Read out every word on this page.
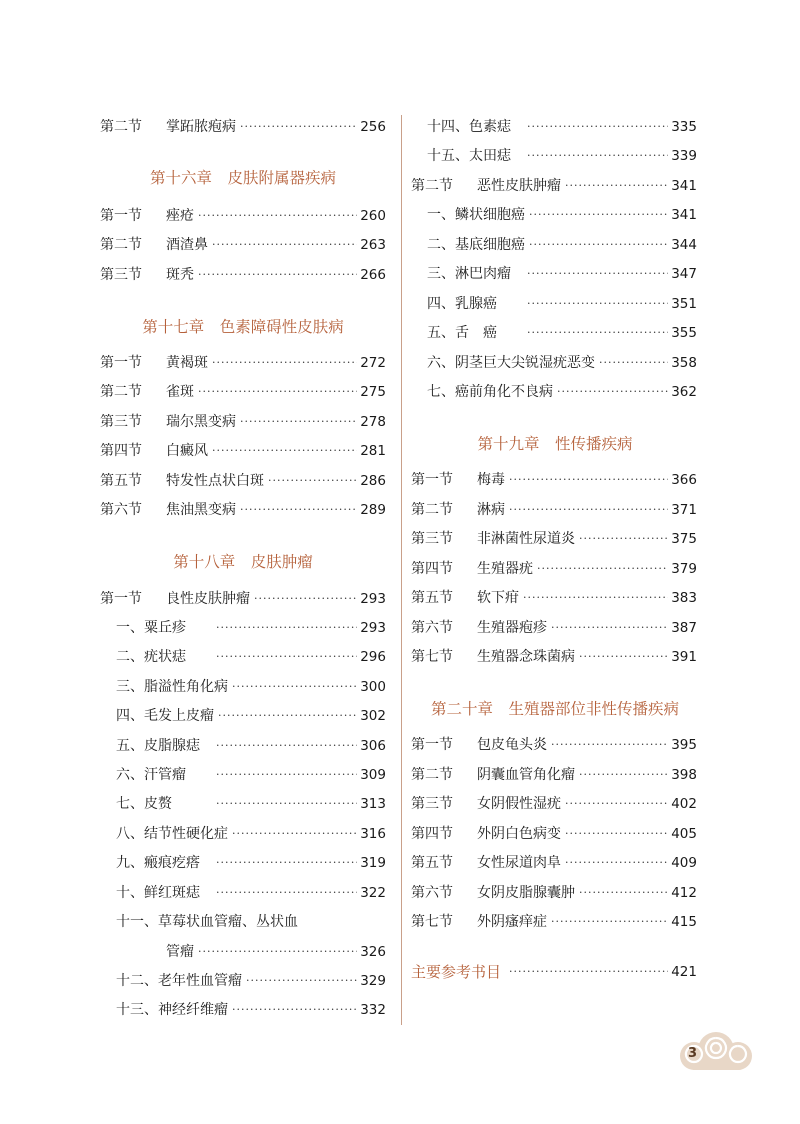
第二节	掌跖脓疱病 ·····	256
第十六章　皮肤附属器疾病
第一节	痤疮 ·····	260
第二节	酒渣鼻 ·····	263
第三节	斑秃 ·····	266
第十七章　色素障碍性皮肤病
第一节	黄褐斑 ·····	272
第二节	雀斑 ·····	275
第三节	瑞尔黑变病 ·····	278
第四节	白癜风 ·····	281
第五节	特发性点状白斑 ·····	286
第六节	焦油黑变病 ·····	289
第十八章　皮肤肿瘤
第一节	良性皮肤肿瘤 ·····	293
一、粟丘疹 ·····	293
二、疣状痣 ·····	296
三、脂溢性角化病 ·····	300
四、毛发上皮瘤 ·····	302
五、皮脂腺痣 ·····	306
六、汗管瘤 ·····	309
七、皮赘 ·····	313
八、结节性硬化症 ·····	316
九、瘢痕疙瘩 ·····	319
十、鲜红斑痣 ·····	322
十一、草莓状血管瘤、丛状血
管瘤 ·····	326
十二、老年性血管瘤 ·····	329
十三、神经纤维瘤 ·····	332
十四、色素痣 ·····	335
十五、太田痣 ·····	339
第二节	恶性皮肤肿瘤 ·····	341
一、鳞状细胞癌 ·····	341
二、基底细胞癌 ·····	344
三、淋巴肉瘤 ·····	347
四、乳腺癌 ·····	351
五、舌　癌 ·····	355
六、阴茎巨大尖锐湿疣恶变 ·····	358
七、癌前角化不良病 ·····	362
第十九章　性传播疾病
第一节	梅毒 ·····	366
第二节	淋病 ·····	371
第三节	非淋菌性尿道炎 ·····	375
第四节	生殖器疣 ·····	379
第五节	软下疳 ·····	383
第六节	生殖器疱疹 ·····	387
第七节	生殖器念珠菌病 ·····	391
第二十章　生殖器部位非性传播疾病
第一节	包皮龟头炎 ·····	395
第二节	阴囊血管角化瘤 ·····	398
第三节	女阴假性湿疣 ·····	402
第四节	外阴白色病变 ·····	405
第五节	女性尿道肉阜 ·····	409
第六节	女阴皮脂腺囊肿 ·····	412
第七节	外阴瘙痒症 ·····	415
主要参考书目 ·····	421
3
